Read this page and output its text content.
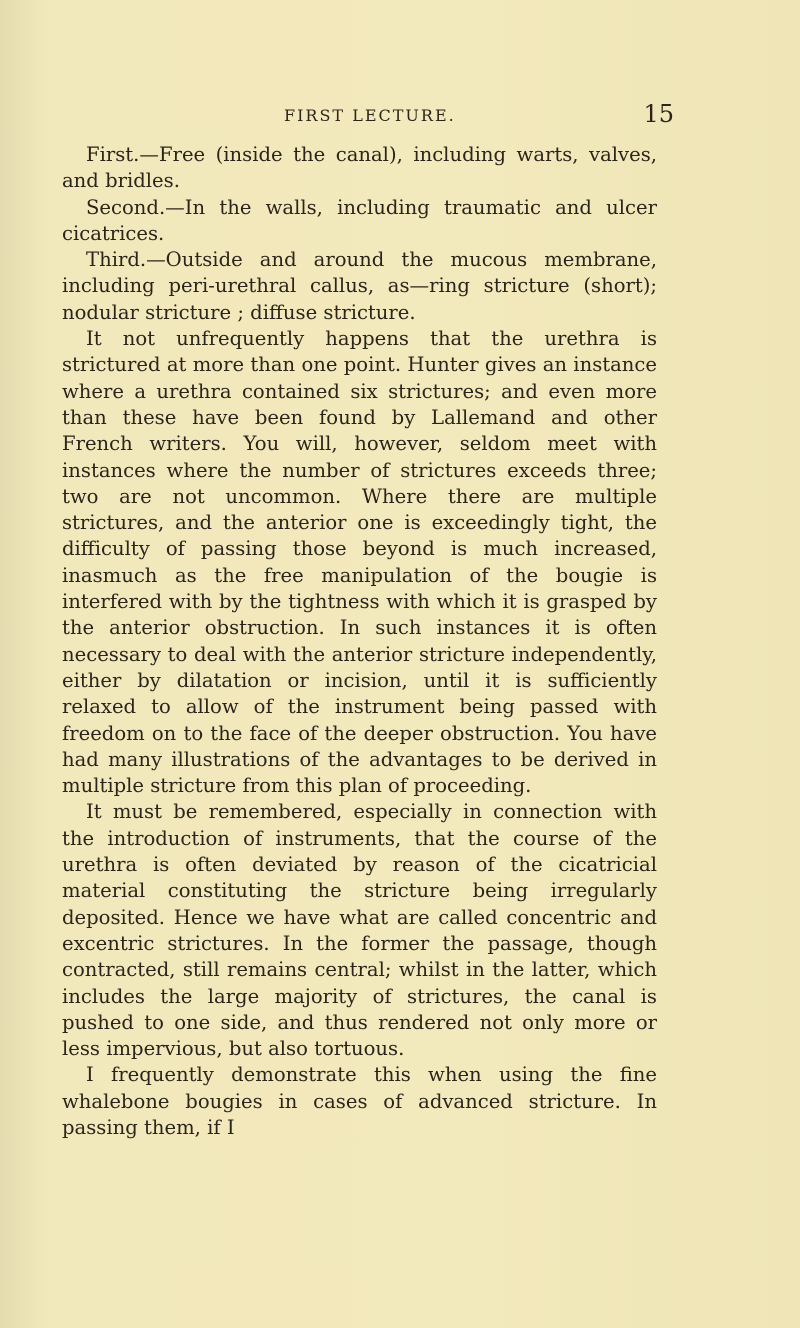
FIRST LECTURE.	15

First.—Free (inside the canal), including warts, valves, and bridles.

Second.—In the walls, including traumatic and ulcer cicatrices.

Third.—Outside and around the mucous membrane, including peri-urethral callus, as—ring stricture (short); nodular stricture ; diffuse stricture.

It not unfrequently happens that the urethra is strictured at more than one point. Hunter gives an instance where a urethra contained six strictures; and even more than these have been found by Lallemand and other French writers. You will, however, seldom meet with instances where the number of strictures exceeds three; two are not uncommon. Where there are multiple strictures, and the anterior one is exceedingly tight, the difficulty of passing those beyond is much increased, inasmuch as the free manipulation of the bougie is interfered with by the tightness with which it is grasped by the anterior obstruction. In such instances it is often necessary to deal with the anterior stricture independently, either by dilatation or incision, until it is sufficiently relaxed to allow of the instrument being passed with freedom on to the face of the deeper obstruction. You have had many illustrations of the advantages to be derived in multiple stricture from this plan of proceeding.

It must be remembered, especially in connection with the introduction of instruments, that the course of the urethra is often deviated by reason of the cicatricial material constituting the stricture being irregularly deposited. Hence we have what are called concentric and excentric strictures. In the former the passage, though contracted, still remains central; whilst in the latter, which includes the large majority of strictures, the canal is pushed to one side, and thus rendered not only more or less impervious, but also tortuous.

I frequently demonstrate this when using the fine whalebone bougies in cases of advanced stricture. In passing them, if I
